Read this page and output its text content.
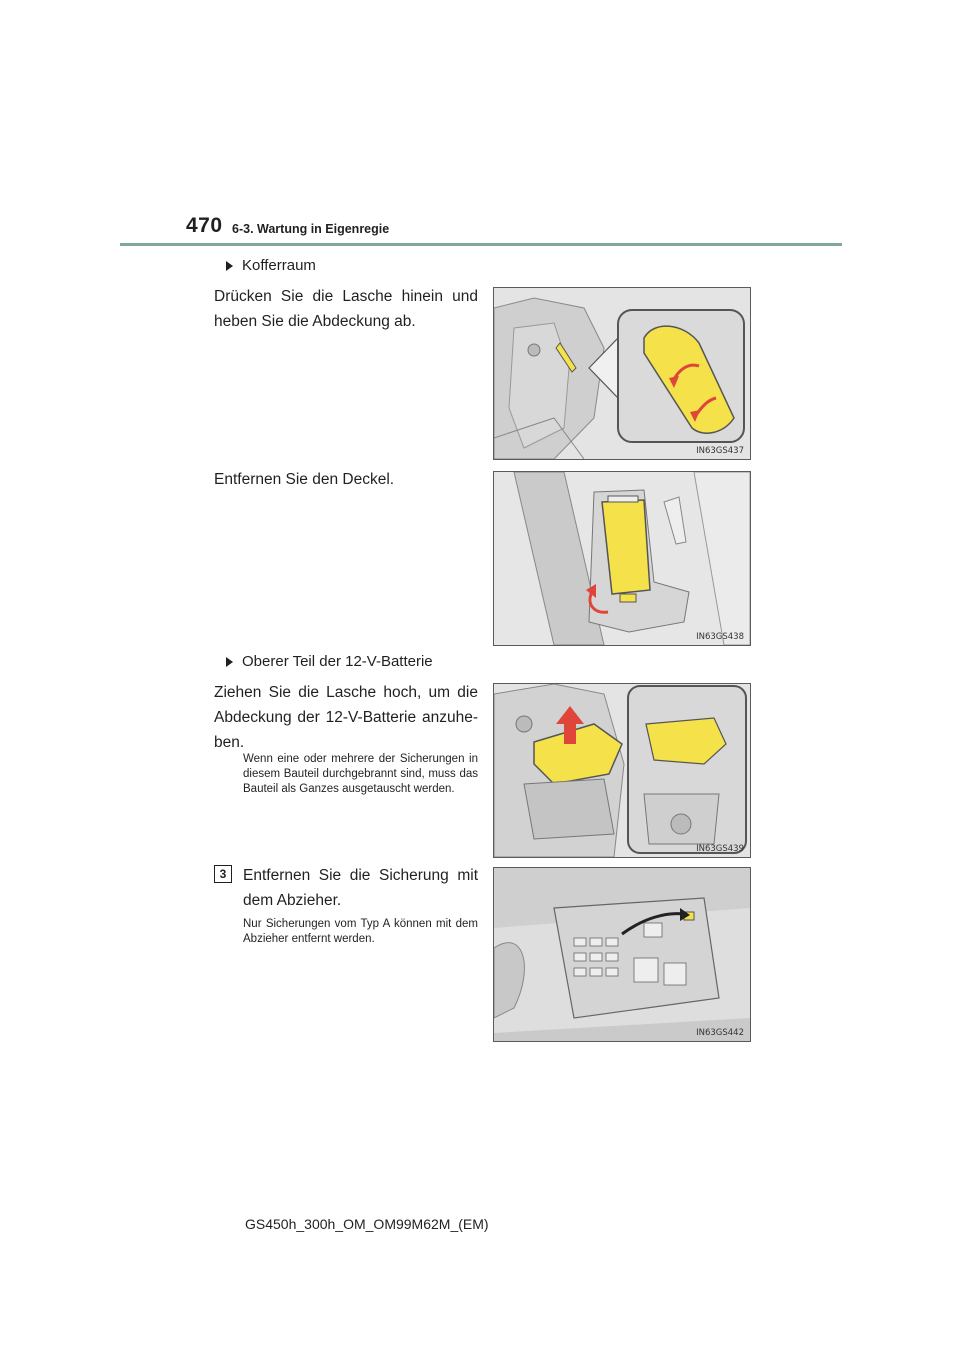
470 6-3. Wartung in Eigenregie
Kofferraum
Drücken Sie die Lasche hinein und heben Sie die Abdeckung ab.
IN63GS437
Entfernen Sie den Deckel.
IN63GS438
Oberer Teil der 12-V-Batterie
Ziehen Sie die Lasche hoch, um die Abdeckung der 12-V-Batterie anzuheben.
Wenn eine oder mehrere der Sicherungen in diesem Bauteil durchgebrannt sind, muss das Bauteil als Ganzes ausgetauscht werden.
IN63GS439
3	Entfernen Sie die Sicherung mit dem Abzieher.
Nur Sicherungen vom Typ A können mit dem Abzieher entfernt werden.
IN63GS442
GS450h_300h_OM_OM99M62M_(EM)
